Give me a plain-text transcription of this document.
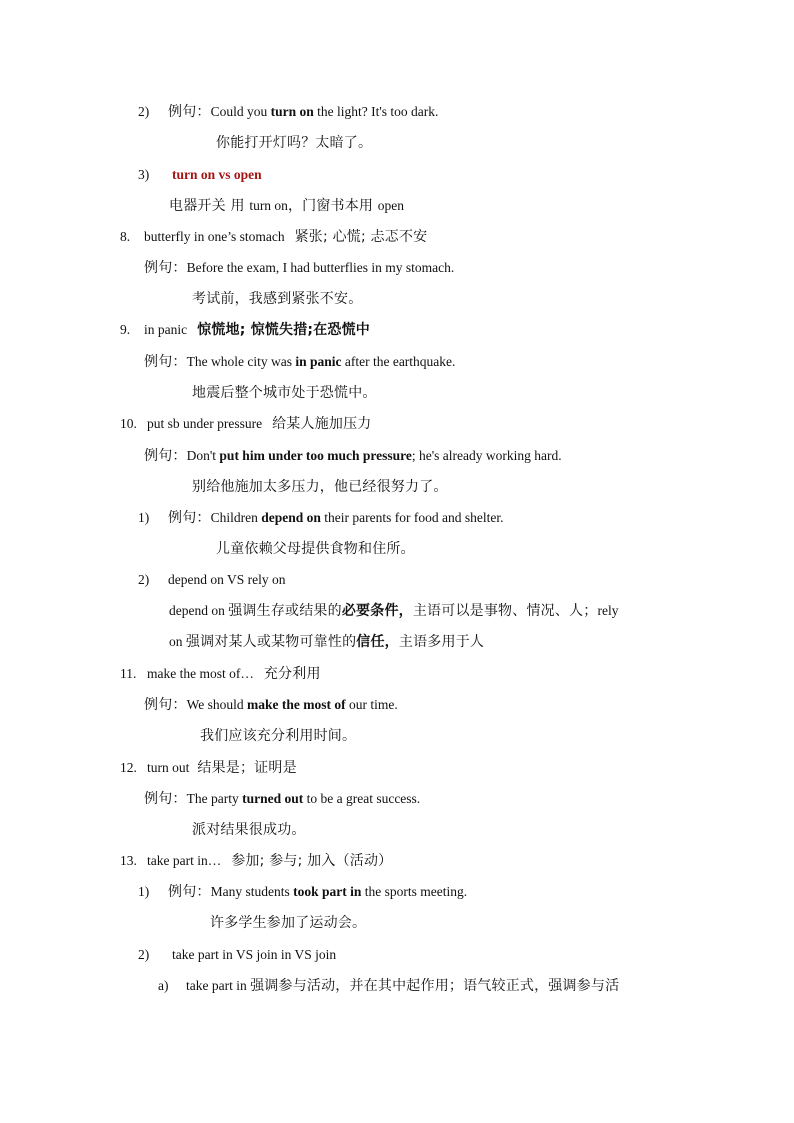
2) 例句：Could you turn on the light? It's too dark.
你能打开灯吗？太暗了。
3) turn on vs open
电器开关 用 turn on，门窗书本用 open
8. butterfly in one’s stomach 紧张; 心慌; 忐忑不安
例句：Before the exam, I had butterflies in my stomach.
考试前，我感到紧张不安。
9. in panic 惊慌地; 惊慌失措;在恐慌中
例句：The whole city was in panic after the earthquake.
地震后整个城市处于恐慌中。
10. put sb under pressure 给某人施加压力
例句：Don't put him under too much pressure; he's already working hard.
别给他施加太多压力，他已经很努力了。
1) 例句：Children depend on their parents for food and shelter.
儿童依赖父母提供食物和住所。
2) depend on VS rely on
depend on 强调生存或结果的必要条件，主语可以是事物、情况、人；rely
on 强调对某人或某物可靠性的信任，主语多用于人
11. make the most of… 充分利用
例句：We should make the most of our time.
我们应该充分利用时间。
12. turn out 结果是；证明是
例句：The party turned out to be a great success.
派对结果很成功。
13. take part in… 参加; 参与; 加入（活动）
1) 例句：Many students took part in the sports meeting.
许多学生参加了运动会。
2) take part in VS join in VS join
a) take part in 强调参与活动，并在其中起作用；语气较正式，强调参与活
